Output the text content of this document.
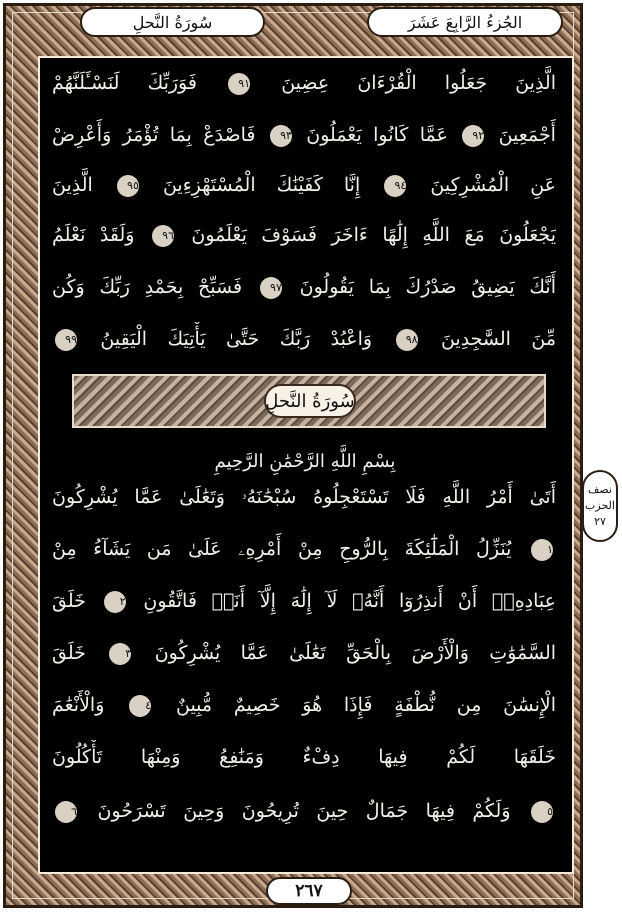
الجُزءُ الرَّابِعَ عَشَرَ
سُورَةُ النَّحلِ
الَّذِينَ جَعَلُوا الْقُرْءَانَ عِضِينَ ٩١ فَوَرَبِّكَ لَنَسْـَٔلَنَّهُمْ
أَجْمَعِينَ ٩٢ عَمَّا كَانُوا يَعْمَلُونَ ٩٣ فَاصْدَعْ بِمَا تُؤْمَرُ وَأَعْرِضْ
عَنِ الْمُشْرِكِينَ ٩٤ إِنَّا كَفَيْنَٰكَ الْمُسْتَهْزِءِينَ ٩٥ الَّذِينَ
يَجْعَلُونَ مَعَ اللَّهِ إِلَٰهًا ءَاخَرَ فَسَوْفَ يَعْلَمُونَ ٩٦ وَلَقَدْ نَعْلَمُ
أَنَّكَ يَضِيقُ صَدْرُكَ بِمَا يَقُولُونَ ٩٧ فَسَبِّحْ بِحَمْدِ رَبِّكَ وَكُن
مِّنَ السَّٰجِدِينَ ٩٨ وَاعْبُدْ رَبَّكَ حَتَّىٰ يَأْتِيَكَ الْيَقِينُ ٩٩
أَتَىٰ أَمْرُ اللَّهِ فَلَا تَسْتَعْجِلُوهُ سُبْحَٰنَهُۥ وَتَعَٰلَىٰ عَمَّا يُشْرِكُونَ
١ يُنَزِّلُ الْمَلَٰٓئِكَةَ بِالرُّوحِ مِنْ أَمْرِهِۦ عَلَىٰ مَن يَشَآءُ مِنْ
عِبَادِهِۦٓ أَنْ أَنذِرُوٓا أَنَّهُۥ لَآ إِلَٰهَ إِلَّآ أَنَا۠ فَاتَّقُونِ ٢ خَلَقَ
السَّمَٰوَٰتِ وَالْأَرْضَ بِالْحَقِّ تَعَٰلَىٰ عَمَّا يُشْرِكُونَ ٣ خَلَقَ
الْإِنسَٰنَ مِن نُّطْفَةٍ فَإِذَا هُوَ خَصِيمٌ مُّبِينٌ ٤ وَالْأَنْعَٰمَ
خَلَقَهَا لَكُمْ فِيهَا دِفْءٌ وَمَنَٰفِعُ وَمِنْهَا تَأْكُلُونَ
٥ وَلَكُمْ فِيهَا جَمَالٌ حِينَ تُرِيحُونَ وَحِينَ تَسْرَحُونَ ٦
سُورَةُ النَّحلِ
بِسْمِ اللَّهِ الرَّحْمَٰنِ الرَّحِيمِ
نصف
الحزب
٢٧
٢٦٧
